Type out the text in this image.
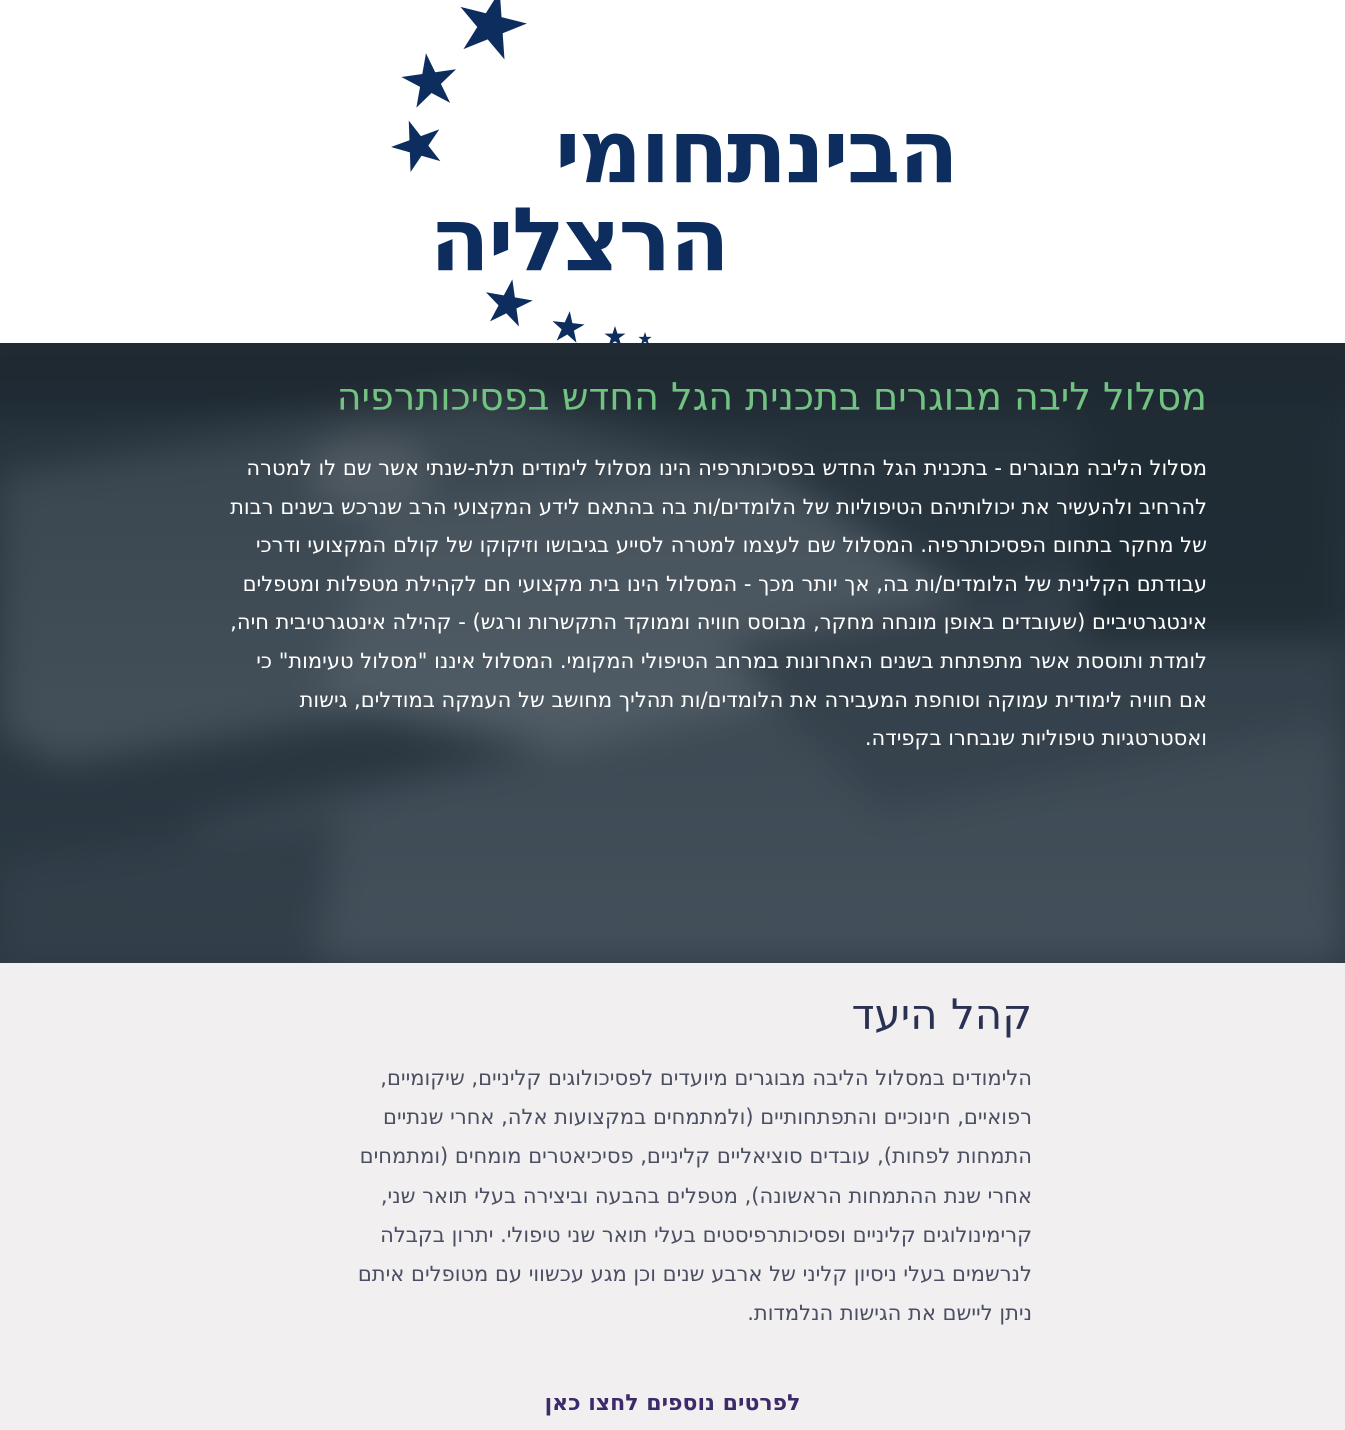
הבינתחומי
הרצליה
מסלול ליבה מבוגרים בתכנית הגל החדש בפסיכותרפיה

מסלול הליבה מבוגרים - בתכנית הגל החדש בפסיכותרפיה הינו מסלול לימודים תלת-שנתי אשר שם לו למטרה להרחיב ולהעשיר את יכולותיהם הטיפוליות של הלומדים/ות בה בהתאם לידע המקצועי הרב שנרכש בשנים רבות של מחקר בתחום הפסיכותרפיה. המסלול שם לעצמו למטרה לסייע בגיבושו וזיקוקו של קולם המקצועי ודרכי עבודתם הקלינית של הלומדים/ות בה, אך יותר מכך - המסלול הינו בית מקצועי חם לקהילת מטפלות ומטפלים אינטגרטיביים (שעובדים באופן מונחה מחקר, מבוסס חוויה וממוקד התקשרות ורגש) - קהילה אינטגרטיבית חיה, לומדת ותוססת אשר מתפתחת בשנים האחרונות במרחב הטיפולי המקומי. המסלול איננו "מסלול טעימות" כי אם חוויה לימודית עמוקה וסוחפת המעבירה את הלומדים/ות תהליך מחושב של העמקה במודלים, גישות ואסטרטגיות טיפוליות שנבחרו בקפידה.

קהל היעד

הלימודים במסלול הליבה מבוגרים מיועדים לפסיכולוגים קליניים, שיקומיים, רפואיים, חינוכיים והתפתחותיים (ולמתמחים במקצועות אלה, אחרי שנתיים התמחות לפחות), עובדים סוציאליים קליניים, פסיכיאטרים מומחים (ומתמחים אחרי שנת ההתמחות הראשונה), מטפלים בהבעה וביצירה בעלי תואר שני, קרימינולוגים קליניים ופסיכותרפיסטים בעלי תואר שני טיפולי. יתרון בקבלה לנרשמים בעלי ניסיון קליני של ארבע שנים וכן מגע עכשווי עם מטופלים איתם ניתן ליישם את הגישות הנלמדות.

לפרטים נוספים לחצו כאן
